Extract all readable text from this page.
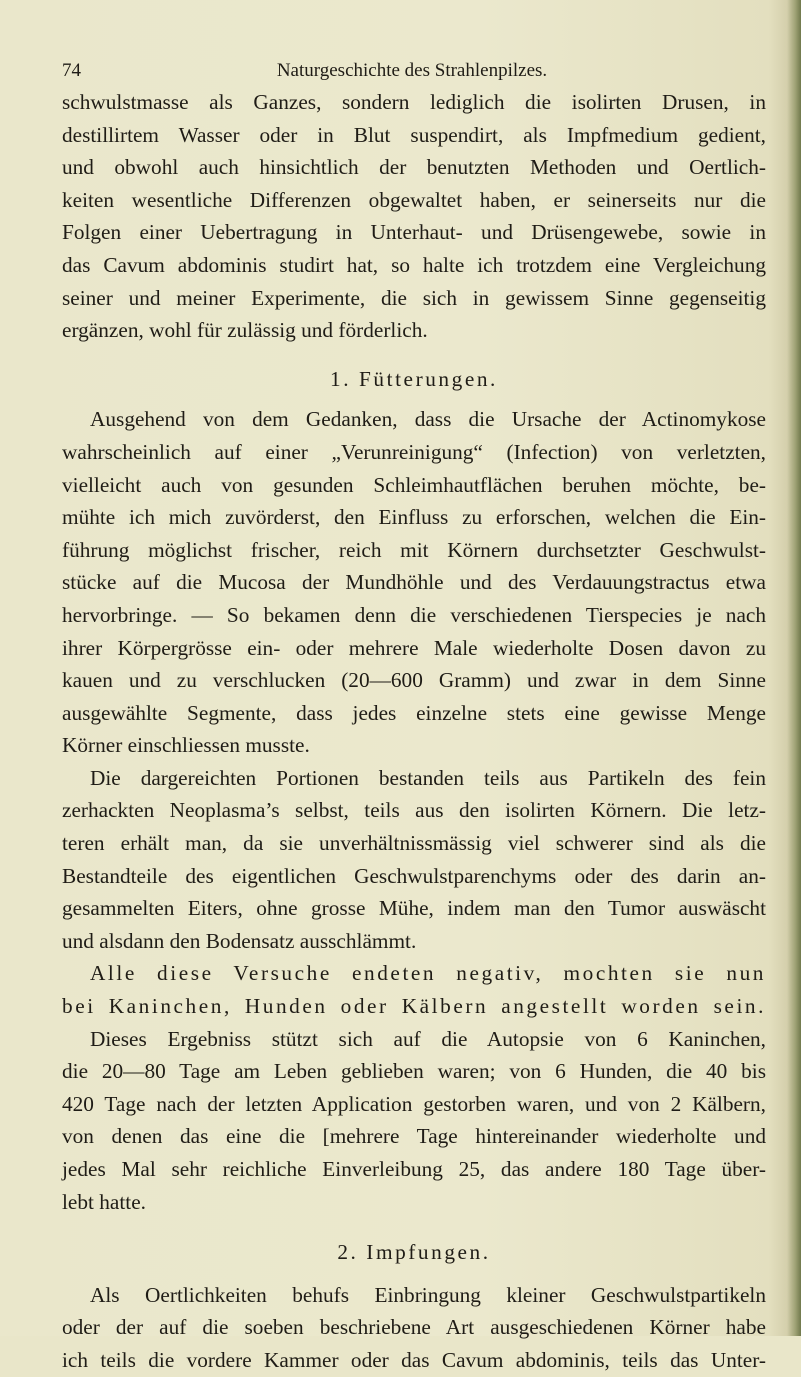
74	Naturgeschichte des Strahlenpilzes.
schwulstmasse als Ganzes, sondern lediglich die isolirten Drusen, in
destillirtem Wasser oder in Blut suspendirt, als Impfmedium gedient,
und obwohl auch hinsichtlich der benutzten Methoden und Oertlich-
keiten wesentliche Differenzen obgewaltet haben, er seinerseits nur die
Folgen einer Uebertragung in Unterhaut- und Drüsengewebe, sowie in
das Cavum abdominis studirt hat, so halte ich trotzdem eine Vergleichung
seiner und meiner Experimente, die sich in gewissem Sinne gegenseitig
ergänzen, wohl für zulässig und förderlich.
1. Fütterungen.
Ausgehend von dem Gedanken, dass die Ursache der Actinomykose
wahrscheinlich auf einer „Verunreinigung“ (Infection) von verletzten,
vielleicht auch von gesunden Schleimhautflächen beruhen möchte, be-
mühte ich mich zuvörderst, den Einfluss zu erforschen, welchen die Ein-
führung möglichst frischer, reich mit Körnern durchsetzter Geschwulst-
stücke auf die Mucosa der Mundhöhle und des Verdauungstractus etwa
hervorbringe. — So bekamen denn die verschiedenen Tierspecies je nach
ihrer Körpergrösse ein- oder mehrere Male wiederholte Dosen davon zu
kauen und zu verschlucken (20—600 Gramm) und zwar in dem Sinne
ausgewählte Segmente, dass jedes einzelne stets eine gewisse Menge
Körner einschliessen musste.
Die dargereichten Portionen bestanden teils aus Partikeln des fein
zerhackten Neoplasma’s selbst, teils aus den isolirten Körnern. Die letz-
teren erhält man, da sie unverhältnissmässig viel schwerer sind als die
Bestandteile des eigentlichen Geschwulstparenchyms oder des darin an-
gesammelten Eiters, ohne grosse Mühe, indem man den Tumor auswäscht
und alsdann den Bodensatz ausschlämmt.
Alle diese Versuche endeten negativ, mochten sie nun
bei Kaninchen, Hunden oder Kälbern angestellt worden sein.
Dieses Ergebniss stützt sich auf die Autopsie von 6 Kaninchen,
die 20—80 Tage am Leben geblieben waren; von 6 Hunden, die 40 bis
420 Tage nach der letzten Application gestorben waren, und von 2 Kälbern,
von denen das eine die [mehrere Tage hintereinander wiederholte und
jedes Mal sehr reichliche Einverleibung 25, das andere 180 Tage über-
lebt hatte.
2. Impfungen.
Als Oertlichkeiten behufs Einbringung kleiner Geschwulstpartikeln
oder der auf die soeben beschriebene Art ausgeschiedenen Körner habe
ich teils die vordere Kammer oder das Cavum abdominis, teils das Unter-
